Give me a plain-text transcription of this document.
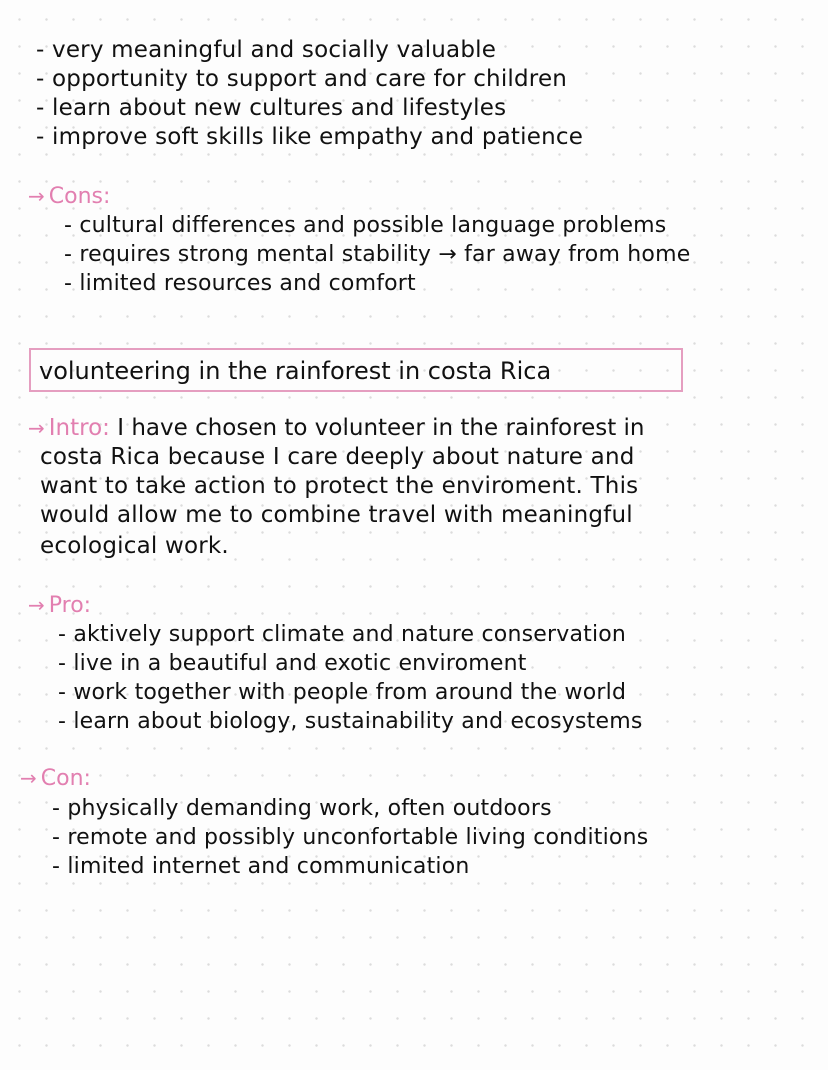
- very meaningful and socially valuable
- opportunity to support and care for children
- learn about new cultures and lifestyles
- improve soft skills like empathy and patience
→ Cons:
- cultural differences and possible language problems
- requires strong mental stability → far away from home
- limited resources and comfort
volunteering in the rainforest in costa Rica
→ Intro: I have chosen to volunteer in the rainforest in
costa Rica because I care deeply about nature and
want to take action to protect the enviroment. This
would allow me to combine travel with meaningful
ecological work.
→ Pro:
- aktively support climate and nature conservation
- live in a beautiful and exotic enviroment
- work together with people from around the world
- learn about biology, sustainability and ecosystems
→ Con:
- physically demanding work, often outdoors
- remote and possibly unconfortable living conditions
- limited internet and communication
